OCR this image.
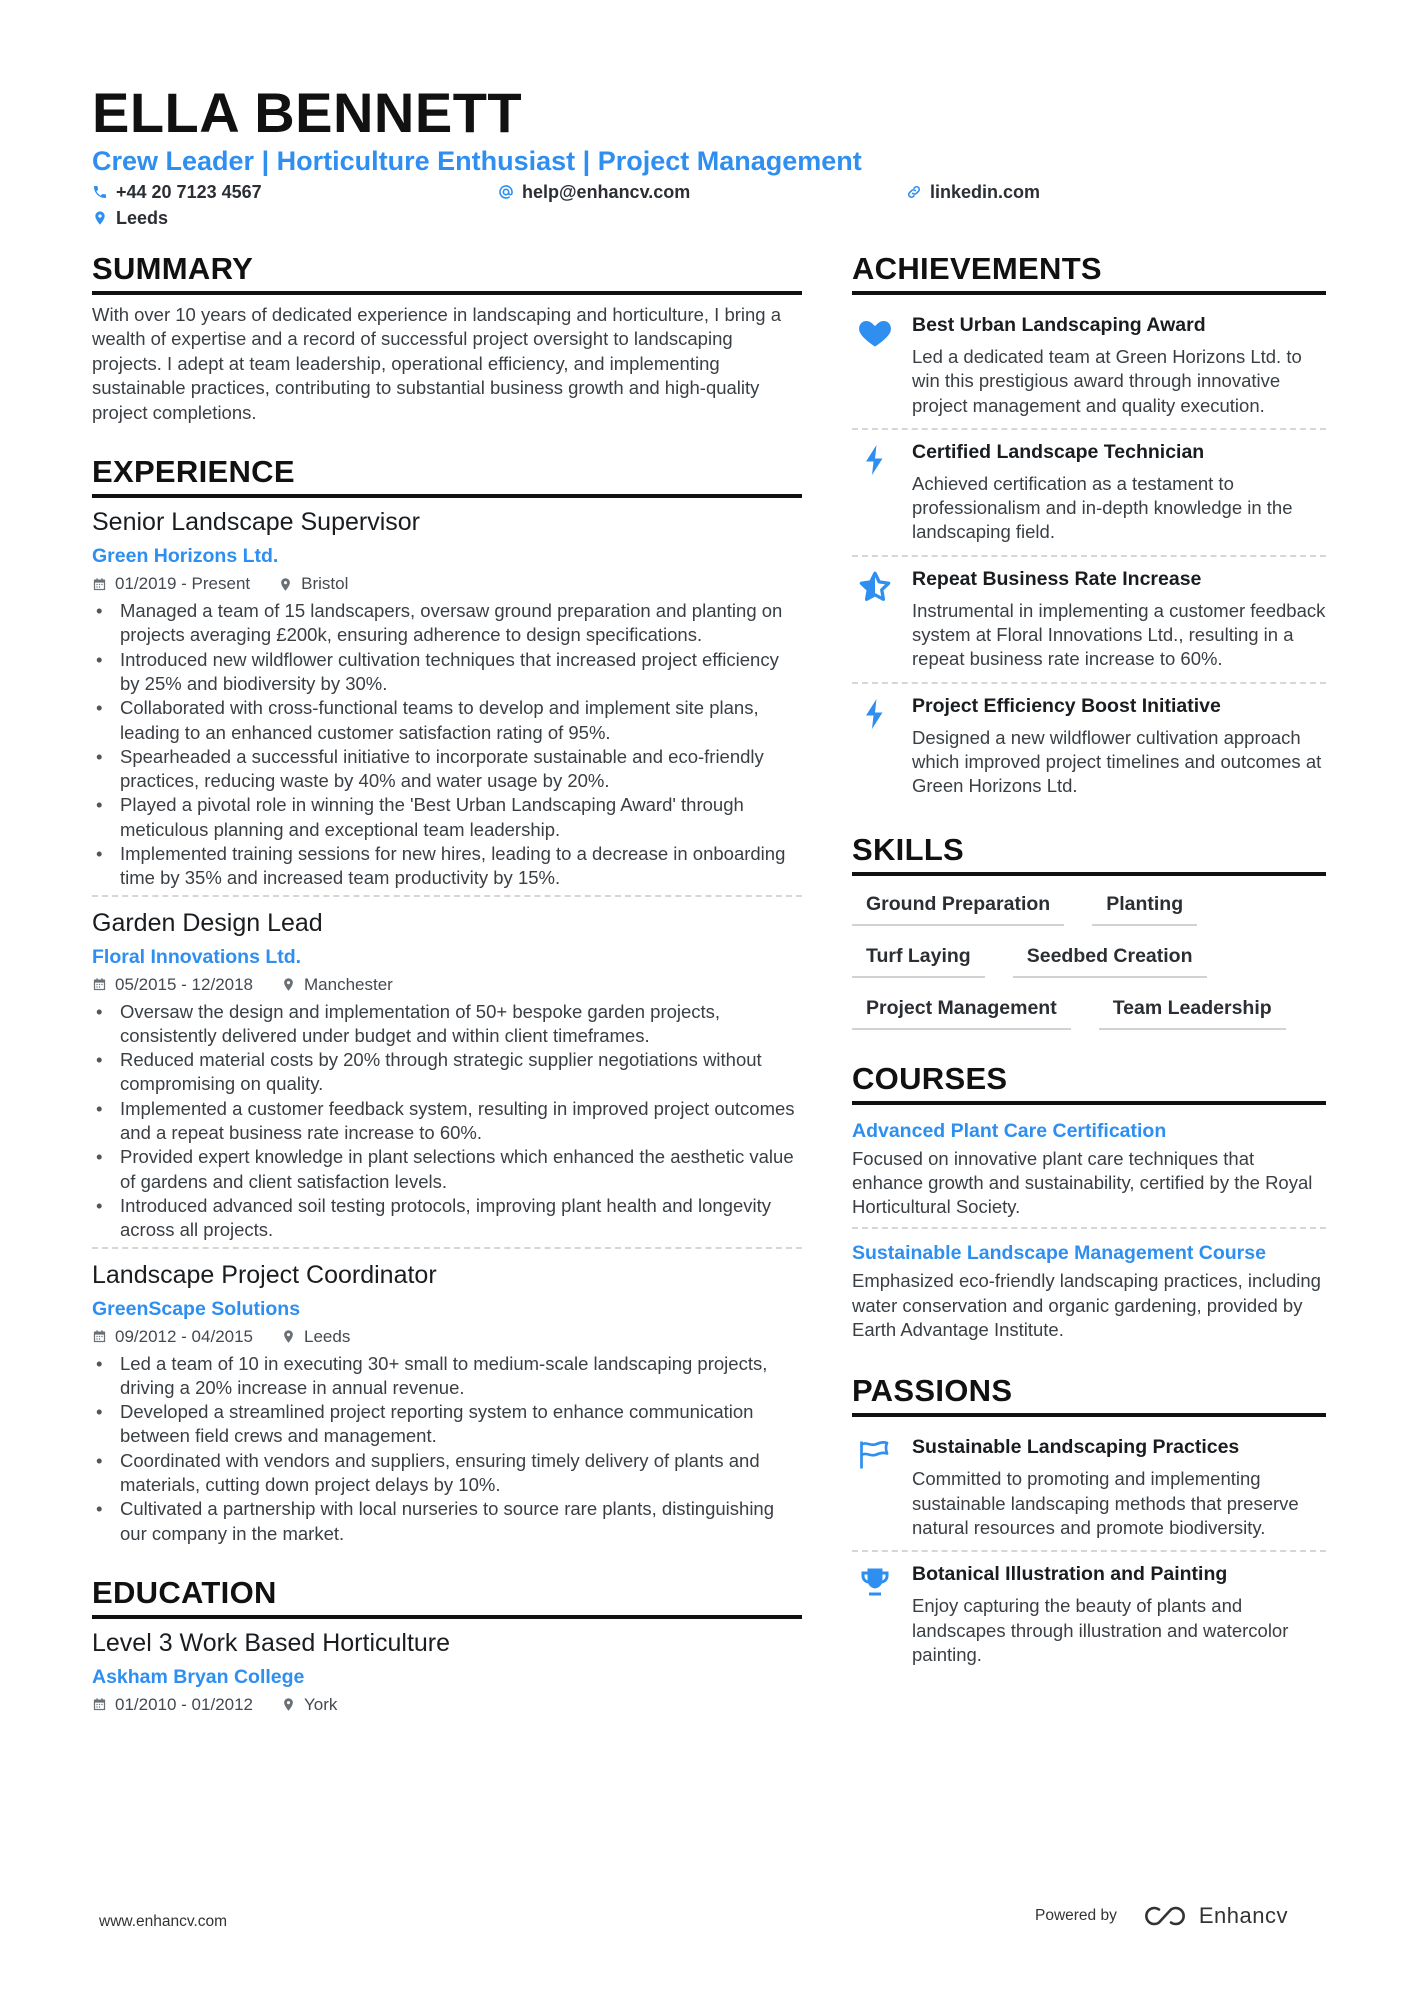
ELLA BENNETT
Crew Leader | Horticulture Enthusiast | Project Management
+44 20 7123 4567	help@enhancv.com	linkedin.com
Leeds
SUMMARY
With over 10 years of dedicated experience in landscaping and horticulture, I bring a wealth of expertise and a record of successful project oversight to landscaping projects. I adept at team leadership, operational efficiency, and implementing sustainable practices, contributing to substantial business growth and high-quality project completions.
EXPERIENCE
Senior Landscape Supervisor
Green Horizons Ltd.
01/2019 - Present	Bristol
• Managed a team of 15 landscapers, oversaw ground preparation and planting on projects averaging £200k, ensuring adherence to design specifications.
• Introduced new wildflower cultivation techniques that increased project efficiency by 25% and biodiversity by 30%.
• Collaborated with cross-functional teams to develop and implement site plans, leading to an enhanced customer satisfaction rating of 95%.
• Spearheaded a successful initiative to incorporate sustainable and eco-friendly practices, reducing waste by 40% and water usage by 20%.
• Played a pivotal role in winning the 'Best Urban Landscaping Award' through meticulous planning and exceptional team leadership.
• Implemented training sessions for new hires, leading to a decrease in onboarding time by 35% and increased team productivity by 15%.
Garden Design Lead
Floral Innovations Ltd.
05/2015 - 12/2018	Manchester
• Oversaw the design and implementation of 50+ bespoke garden projects, consistently delivered under budget and within client timeframes.
• Reduced material costs by 20% through strategic supplier negotiations without compromising on quality.
• Implemented a customer feedback system, resulting in improved project outcomes and a repeat business rate increase to 60%.
• Provided expert knowledge in plant selections which enhanced the aesthetic value of gardens and client satisfaction levels.
• Introduced advanced soil testing protocols, improving plant health and longevity across all projects.
Landscape Project Coordinator
GreenScape Solutions
09/2012 - 04/2015	Leeds
• Led a team of 10 in executing 30+ small to medium-scale landscaping projects, driving a 20% increase in annual revenue.
• Developed a streamlined project reporting system to enhance communication between field crews and management.
• Coordinated with vendors and suppliers, ensuring timely delivery of plants and materials, cutting down project delays by 10%.
• Cultivated a partnership with local nurseries to source rare plants, distinguishing our company in the market.
EDUCATION
Level 3 Work Based Horticulture
Askham Bryan College
01/2010 - 01/2012	York
ACHIEVEMENTS
Best Urban Landscaping Award
Led a dedicated team at Green Horizons Ltd. to win this prestigious award through innovative project management and quality execution.
Certified Landscape Technician
Achieved certification as a testament to professionalism and in-depth knowledge in the landscaping field.
Repeat Business Rate Increase
Instrumental in implementing a customer feedback system at Floral Innovations Ltd., resulting in a repeat business rate increase to 60%.
Project Efficiency Boost Initiative
Designed a new wildflower cultivation approach which improved project timelines and outcomes at Green Horizons Ltd.
SKILLS
Ground Preparation	Planting
Turf Laying	Seedbed Creation
Project Management	Team Leadership
COURSES
Advanced Plant Care Certification
Focused on innovative plant care techniques that enhance growth and sustainability, certified by the Royal Horticultural Society.
Sustainable Landscape Management Course
Emphasized eco-friendly landscaping practices, including water conservation and organic gardening, provided by Earth Advantage Institute.
PASSIONS
Sustainable Landscaping Practices
Committed to promoting and implementing sustainable landscaping methods that preserve natural resources and promote biodiversity.
Botanical Illustration and Painting
Enjoy capturing the beauty of plants and landscapes through illustration and watercolor painting.
www.enhancv.com	Powered by	Enhancv
